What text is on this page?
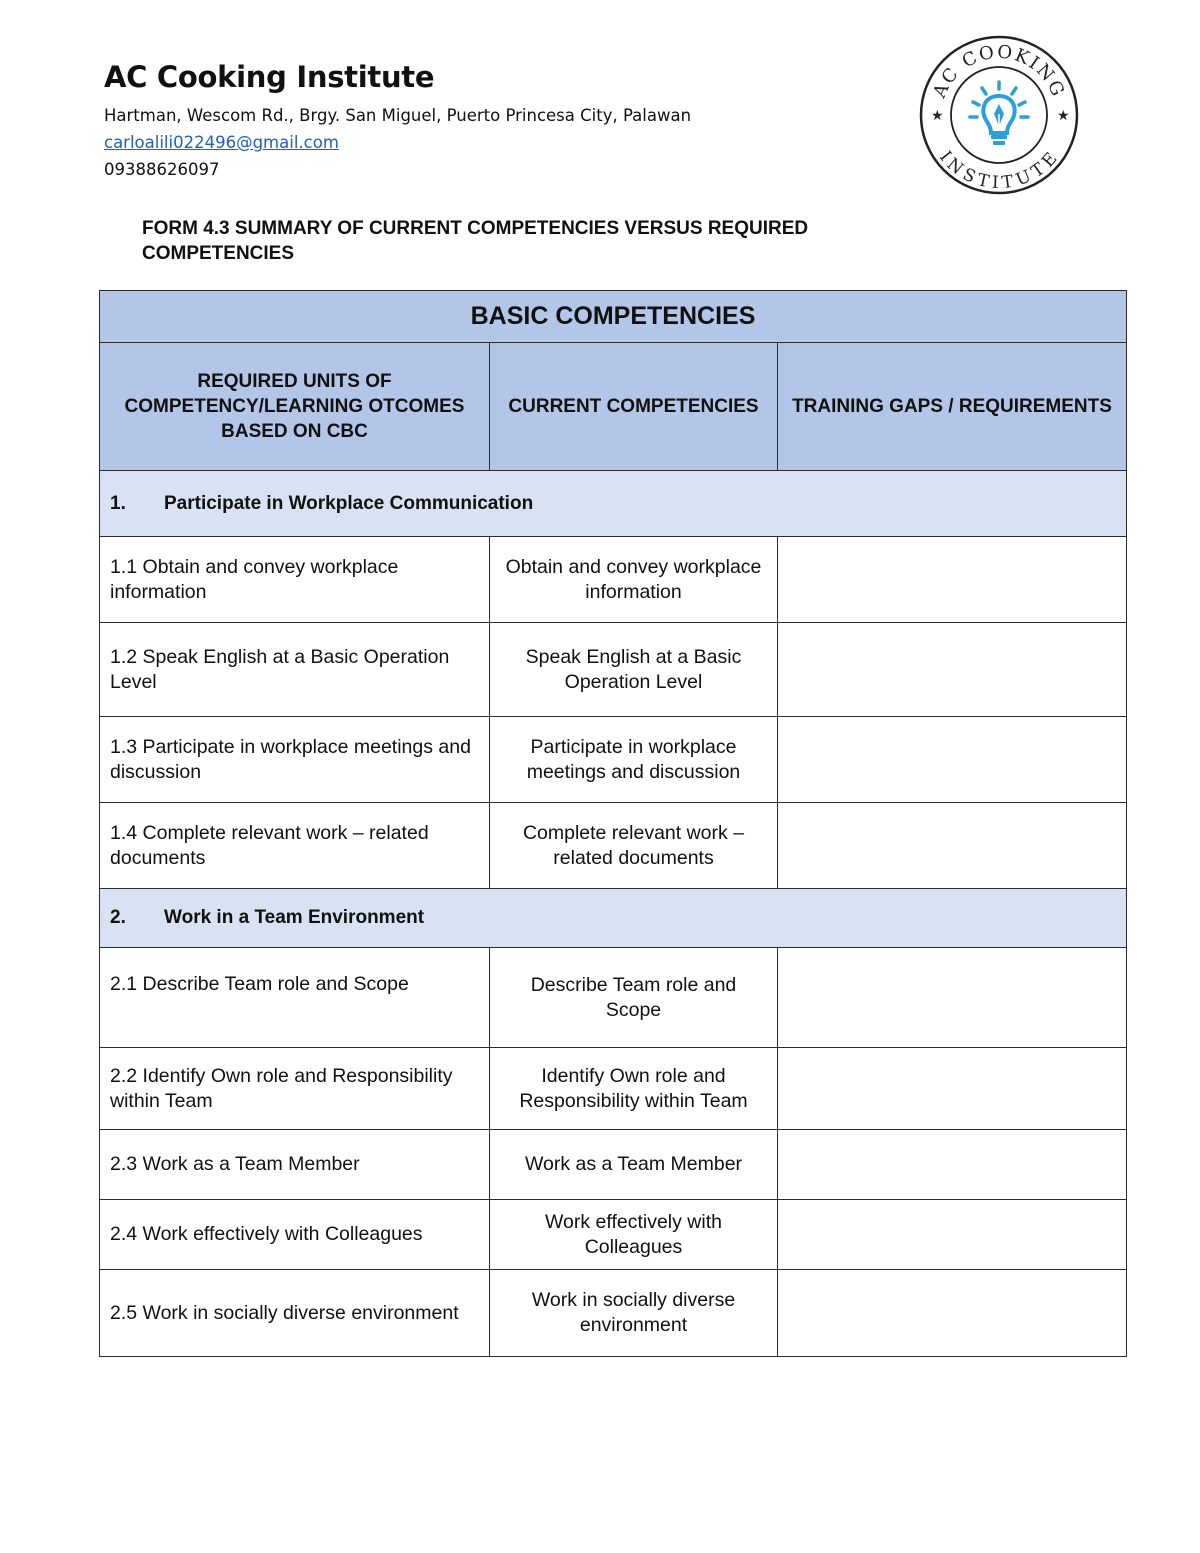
AC Cooking Institute
Hartman, Wescom Rd., Brgy. San Miguel, Puerto Princesa City, Palawan
carloalili022496@gmail.com
09388626097
AC COOKING
INSTITUTE
★	★
FORM 4.3 SUMMARY OF CURRENT COMPETENCIES VERSUS REQUIRED
COMPETENCIES
BASIC COMPETENCIES		
REQUIRED UNITS OF COMPETENCY/LEARNING OTCOMES BASED ON CBC	CURRENT COMPETENCIES	TRAINING GAPS / REQUIREMENTS
1. Participate in Workplace Communication		
1.1 Obtain and convey workplace information	Obtain and convey workplace information	
1.2 Speak English at a Basic Operation Level	Speak English at a Basic Operation Level	
1.3 Participate in workplace meetings and discussion	Participate in workplace meetings and discussion	
1.4 Complete relevant work – related documents	Complete relevant work – related documents	
2. Work in a Team Environment		
2.1 Describe Team role and Scope	Describe Team role and Scope	
2.2 Identify Own role and Responsibility within Team	Identify Own role and Responsibility within Team	
2.3 Work as a Team Member	Work as a Team Member	
2.4 Work effectively with Colleagues	Work effectively with Colleagues	
2.5 Work in socially diverse environment	Work in socially diverse environment	
